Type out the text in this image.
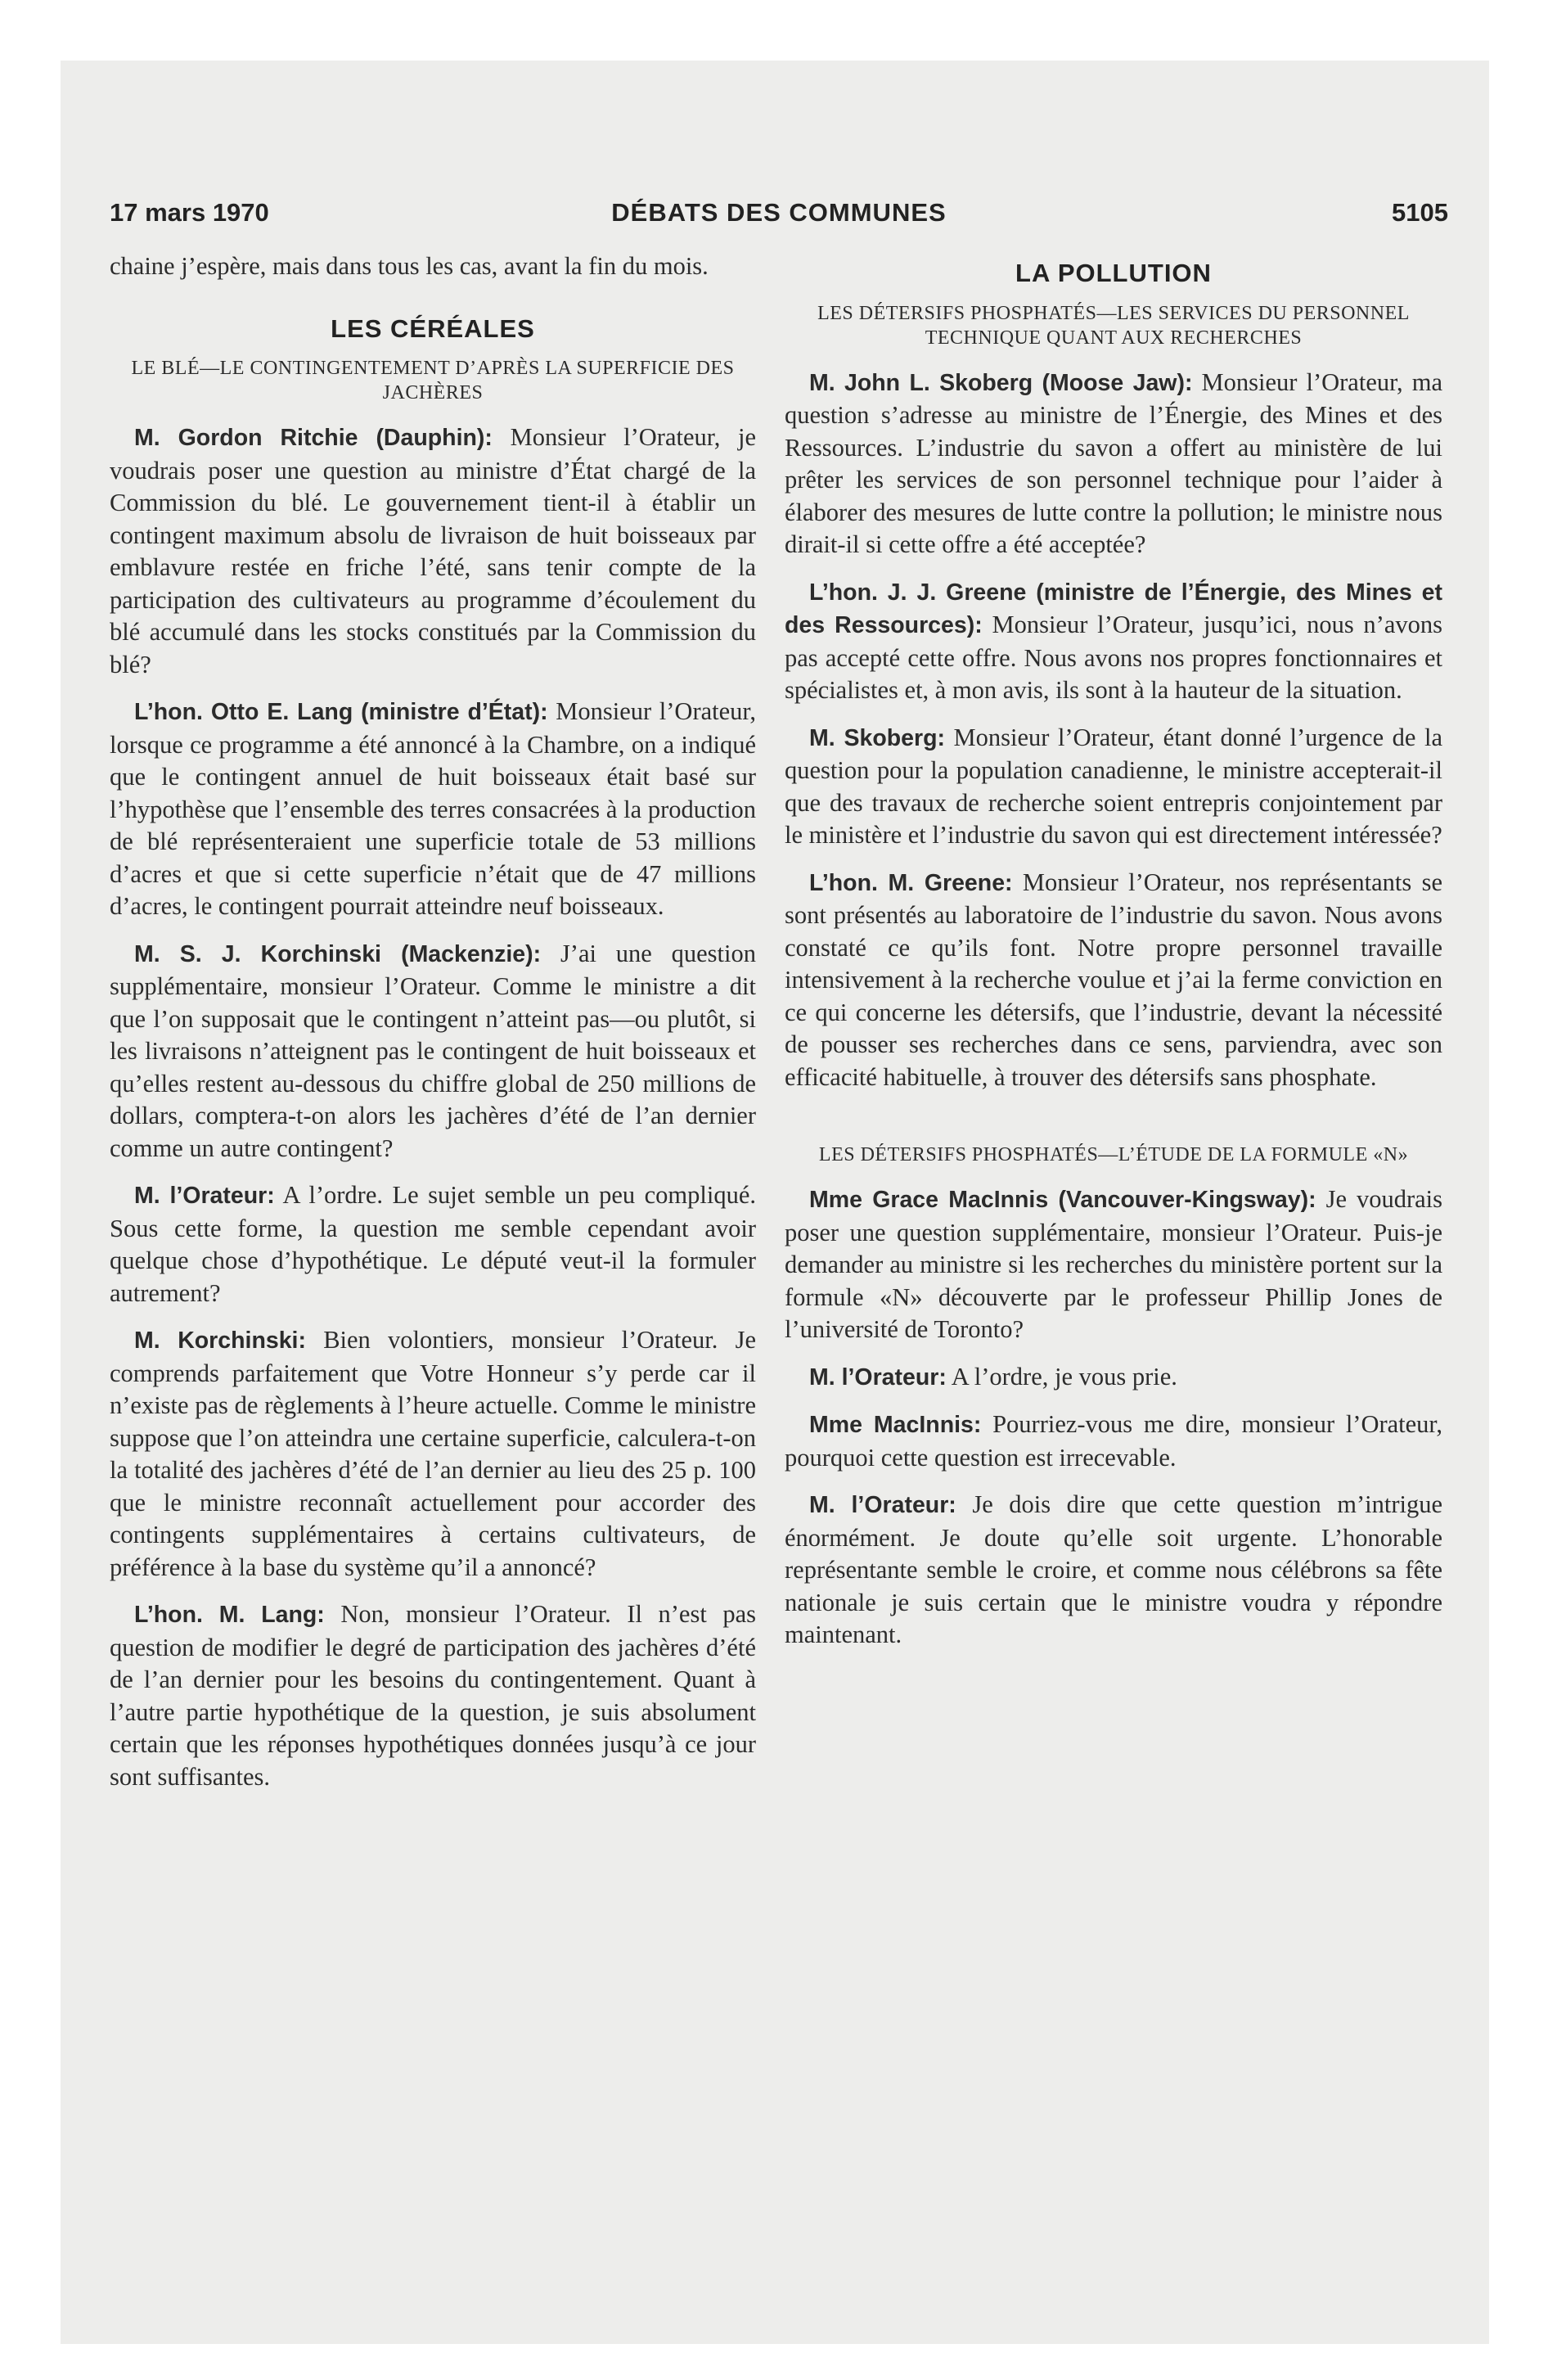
17 mars 1970	DÉBATS DES COMMUNES	5105

chaine j’espère, mais dans tous les cas, avant la fin du mois.

LES CÉRÉALES
LE BLÉ—LE CONTINGENTEMENT D’APRÈS LA SUPERFICIE DES JACHÈRES

M. Gordon Ritchie (Dauphin): Monsieur l’Orateur, je voudrais poser une question au ministre d’État chargé de la Commission du blé. Le gouvernement tient-il à établir un contingent maximum absolu de livraison de huit boisseaux par emblavure restée en friche l’été, sans tenir compte de la participation des cultivateurs au programme d’écoulement du blé accumulé dans les stocks constitués par la Commission du blé?

L’hon. Otto E. Lang (ministre d’État): Monsieur l’Orateur, lorsque ce programme a été annoncé à la Chambre, on a indiqué que le contingent annuel de huit boisseaux était basé sur l’hypothèse que l’ensemble des terres consacrées à la production de blé représenteraient une superficie totale de 53 millions d’acres et que si cette superficie n’était que de 47 millions d’acres, le contingent pourrait atteindre neuf boisseaux.

M. S. J. Korchinski (Mackenzie): J’ai une question supplémentaire, monsieur l’Orateur. Comme le ministre a dit que l’on supposait que le contingent n’atteint pas—ou plutôt, si les livraisons n’atteignent pas le contingent de huit boisseaux et qu’elles restent au-dessous du chiffre global de 250 millions de dollars, comptera-t-on alors les jachères d’été de l’an dernier comme un autre contingent?

M. l’Orateur: A l’ordre. Le sujet semble un peu compliqué. Sous cette forme, la question me semble cependant avoir quelque chose d’hypothétique. Le député veut-il la formuler autrement?

M. Korchinski: Bien volontiers, monsieur l’Orateur. Je comprends parfaitement que Votre Honneur s’y perde car il n’existe pas de règlements à l’heure actuelle. Comme le ministre suppose que l’on atteindra une certaine superficie, calculera-t-on la totalité des jachères d’été de l’an dernier au lieu des 25 p. 100 que le ministre reconnaît actuellement pour accorder des contingents supplémentaires à certains cultivateurs, de préférence à la base du système qu’il a annoncé?

L’hon. M. Lang: Non, monsieur l’Orateur. Il n’est pas question de modifier le degré de participation des jachères d’été de l’an dernier pour les besoins du contingentement. Quant à l’autre partie hypothétique de la question, je suis absolument certain que les réponses hypothétiques données jusqu’à ce jour sont suffisantes.

LA POLLUTION
LES DÉTERSIFS PHOSPHATÉS—LES SERVICES DU PERSONNEL TECHNIQUE QUANT AUX RECHERCHES

M. John L. Skoberg (Moose Jaw): Monsieur l’Orateur, ma question s’adresse au ministre de l’Énergie, des Mines et des Ressources. L’industrie du savon a offert au ministère de lui prêter les services de son personnel technique pour l’aider à élaborer des mesures de lutte contre la pollution; le ministre nous dirait-il si cette offre a été acceptée?

L’hon. J. J. Greene (ministre de l’Énergie, des Mines et des Ressources): Monsieur l’Orateur, jusqu’ici, nous n’avons pas accepté cette offre. Nous avons nos propres fonctionnaires et spécialistes et, à mon avis, ils sont à la hauteur de la situation.

M. Skoberg: Monsieur l’Orateur, étant donné l’urgence de la question pour la population canadienne, le ministre accepterait-il que des travaux de recherche soient entrepris conjointement par le ministère et l’industrie du savon qui est directement intéressée?

L’hon. M. Greene: Monsieur l’Orateur, nos représentants se sont présentés au laboratoire de l’industrie du savon. Nous avons constaté ce qu’ils font. Notre propre personnel travaille intensivement à la recherche voulue et j’ai la ferme conviction en ce qui concerne les détersifs, que l’industrie, devant la nécessité de pousser ses recherches dans ce sens, parviendra, avec son efficacité habituelle, à trouver des détersifs sans phosphate.

LES DÉTERSIFS PHOSPHATÉS—L’ÉTUDE DE LA FORMULE «N»

Mme Grace MacInnis (Vancouver-Kingsway): Je voudrais poser une question supplémentaire, monsieur l’Orateur. Puis-je demander au ministre si les recherches du ministère portent sur la formule «N» découverte par le professeur Phillip Jones de l’université de Toronto?

M. l’Orateur: A l’ordre, je vous prie.

Mme MacInnis: Pourriez-vous me dire, monsieur l’Orateur, pourquoi cette question est irrecevable.

M. l’Orateur: Je dois dire que cette question m’intrigue énormément. Je doute qu’elle soit urgente. L’honorable représentante semble le croire, et comme nous célébrons sa fête nationale je suis certain que le ministre voudra y répondre maintenant.
